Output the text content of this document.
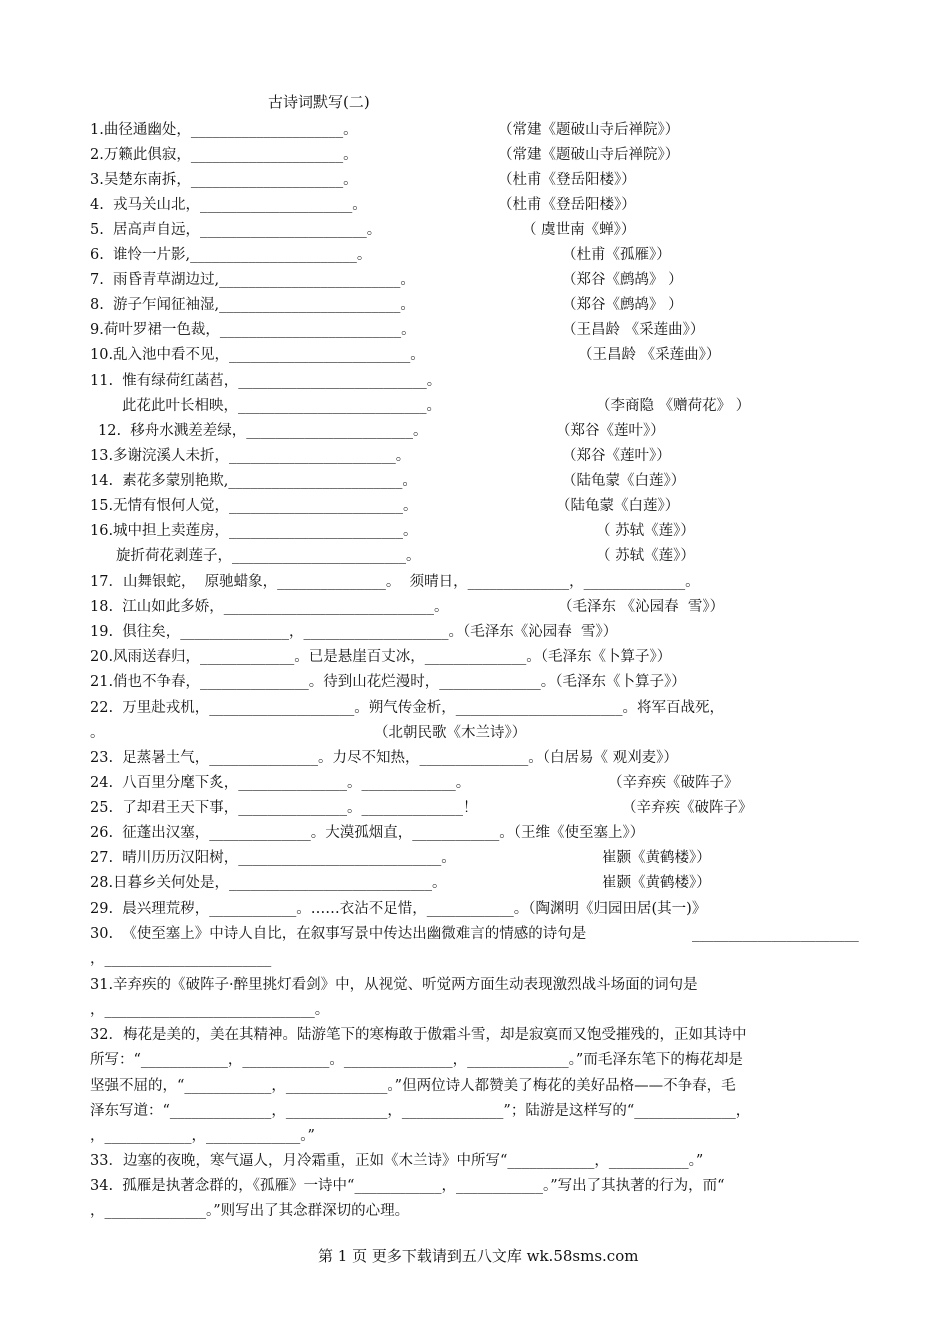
古诗词默写(二)
1.曲径通幽处，_____________________。	（常建《题破山寺后禅院》）
2.万籁此俱寂，_____________________。	（常建《题破山寺后禅院》）
3.吴楚东南拆，_____________________。	（杜甫《登岳阳楼》）
4.  戎马关山北，_____________________。	（杜甫《登岳阳楼》）
5.  居高声自远，_______________________。	（ 虞世南《蝉》）
6.  谁怜一片影,_______________________。	（杜甫《孤雁》）
7.  雨昏青草湖边过,_________________________。	（郑谷《鹧鸪》 ）
8.  游子乍闻征袖湿,_________________________。	（郑谷《鹧鸪》 ）
9.荷叶罗裙一色裁，_________________________。	（王昌龄 《采莲曲》）
10.乱入池中看不见，_________________________。	（王昌龄 《采莲曲》）
11.  惟有绿荷红菡萏，__________________________。
此花此叶长相映，__________________________。	（李商隐 《赠荷花》 ）
12.  移舟水溅差差绿，_______________________。	（郑谷《莲叶》）
13.多谢浣溪人未折，_______________________。	（郑谷《莲叶》）
14.  素花多蒙别艳欺,________________________。	（陆龟蒙《白莲》）
15.无情有恨何人觉，________________________。	（陆龟蒙《白莲》）
16.城中担上卖莲房，________________________。	（ 苏轼《莲》）
旋折荷花剥莲子，________________________。	（ 苏轼《莲》）
17．山舞银蛇，  原驰蜡象，_______________。  须晴日，______________，______________。
18.  江山如此多娇，_____________________________。	（毛泽东 《沁园春  雪》）
19.  俱往矣，_______________，____________________。（毛泽东《沁园春  雪》）
20.风雨送春归，_____________。已是悬崖百丈冰，______________。（毛泽东《卜算子》）
21.俏也不争春，_______________。待到山花烂漫时，______________。（毛泽东《卜算子》）
22.  万里赴戎机，____________________。朔气传金析，_______________________。将军百战死，
。	（北朝民歌《木兰诗》）
23.  足蒸暑土气，_______________。力尽不知热，_______________。（白居易《 观刈麦》）
24.  八百里分麾下炙，_______________。_____________。	（辛弃疾《破阵子》
25.  了却君王天下事，_______________。______________！	（辛弃疾《破阵子》
26.  征蓬出汉塞，______________。大漠孤烟直，____________。（王维《使至塞上》）
27.  晴川历历汉阳树，____________________________。	崔颢《黄鹤楼》）
28.日暮乡关何处是，____________________________。	崔颢《黄鹤楼》）
29.  晨兴理荒秽，____________。……衣沾不足惜，____________。（陶渊明《归园田居(其一)》
30.  《使至塞上》中诗人自比，在叙事写景中传达出幽微难言的情感的诗句是	_______________________
，_______________________
31.辛弃疾的《破阵子·醉里挑灯看剑》中，从视觉、听觉两方面生动表现激烈战斗场面的词句是
，_____________________________。
32．梅花是美的，美在其精神。陆游笔下的寒梅敢于傲霜斗雪，却是寂寞而又饱受摧残的，正如其诗中
所写：“____________，____________。_______________，______________。”而毛泽东笔下的梅花却是
坚强不屈的，“____________，______________。”但两位诗人都赞美了梅花的美好品格——不争春，毛
泽东写道：“______________，______________，______________”；陆游是这样写的“______________，
，____________，_____________。”
33．边塞的夜晚，寒气逼人，月冷霜重，正如《木兰诗》中所写“____________，___________。”
34.  孤雁是执著念群的，《孤雁》一诗中“____________，____________。”写出了其执著的行为，而“
，______________。”则写出了其念群深切的心理。
第 1 页 更多下载请到五八文库 wk.58sms.com
